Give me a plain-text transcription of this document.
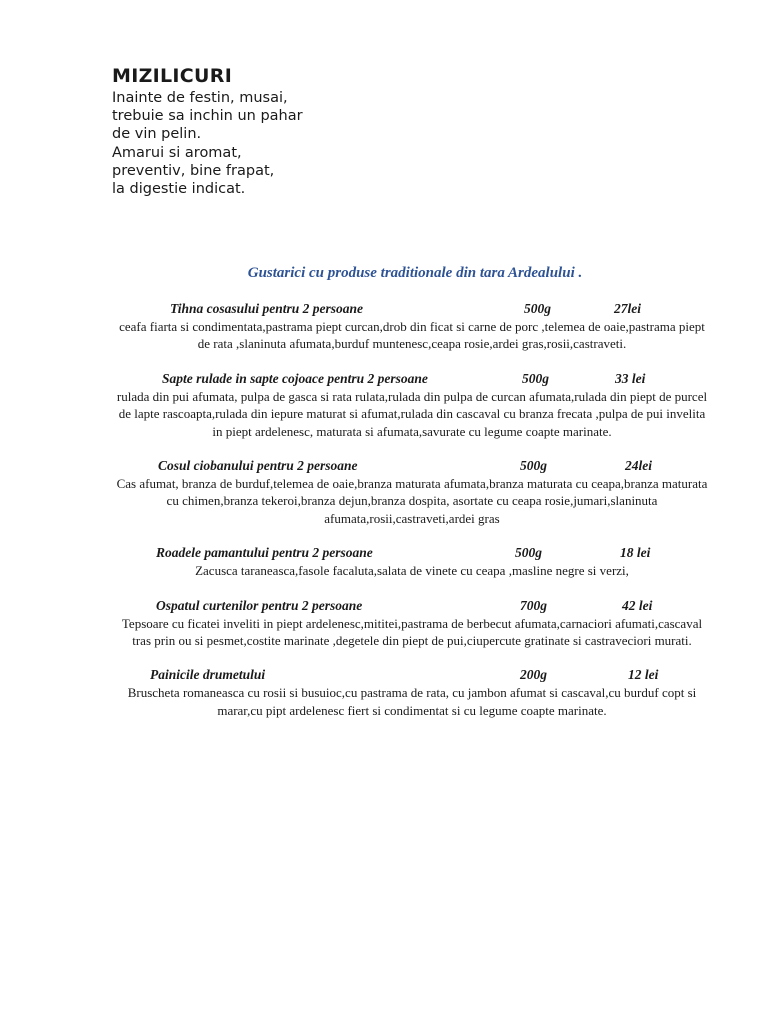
MIZILICURI
Inainte de festin, musai,
trebuie sa inchin un pahar
de vin pelin.
Amarui si aromat,
preventiv, bine frapat,
la digestie indicat.
Gustarici cu produse traditionale din tara Ardealului .
Tihna cosasului pentru 2 persoane	500g	27lei

ceafa fiarta si condimentata,pastrama piept curcan,drob din ficat si carne de porc ,telemea de oaie,pastrama piept de rata ,slaninuta afumata,burduf muntenesc,ceapa rosie,ardei gras,rosii,castraveti.

Sapte rulade in sapte cojoace pentru 2 persoane	500g	33 lei

rulada din pui afumata, pulpa de gasca si rata rulata,rulada din pulpa de curcan afumata,rulada din piept de purcel de lapte rascoapta,rulada din iepure maturat si afumat,rulada din cascaval cu branza frecata ,pulpa de pui invelita in piept ardelenesc, maturata si afumata,savurate cu legume coapte marinate.

Cosul ciobanului pentru 2 persoane	500g	24lei

Cas afumat, branza de burduf,telemea de oaie,branza maturata afumata,branza maturata cu ceapa,branza maturata cu chimen,branza tekeroi,branza dejun,branza dospita, asortate cu ceapa rosie,jumari,slaninuta afumata,rosii,castraveti,ardei gras

Roadele pamantului pentru 2 persoane	500g	18 lei

Zacusca taraneasca,fasole facaluta,salata de vinete cu ceapa ,masline negre si verzi,

Ospatul curtenilor pentru 2 persoane	700g	42 lei

Tepsoare cu ficatei inveliti in piept ardelenesc,mititei,pastrama de berbecut afumata,carnaciori afumati,cascaval tras prin ou si pesmet,costite marinate ,degetele din piept de pui,ciupercute gratinate si castraveciori murati.

Painicile drumetului	200g	12 lei

Bruscheta romaneasca cu rosii si busuioc,cu pastrama de rata, cu jambon afumat si cascaval,cu burduf copt si marar,cu pipt ardelenesc fiert si condimentat si cu legume coapte marinate.
